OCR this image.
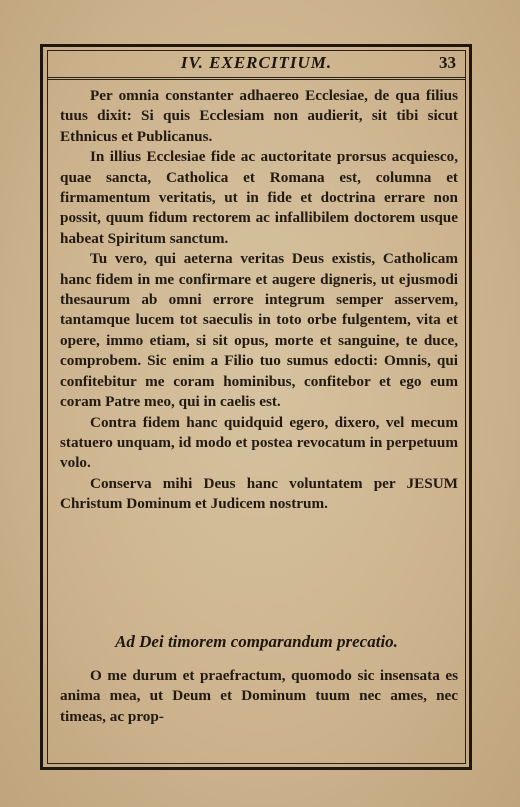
IV. EXERCITIUM.	33

Per omnia constanter adhaereo Ecclesiae, de qua filius tuus dixit: Si quis Ecclesiam non audierit, sit tibi sicut Ethnicus et Publicanus.

In illius Ecclesiae fide ac auctoritate prorsus acquiesco, quae sancta, Catholica et Romana est, columna et firmamentum veritatis, ut in fide et doctrina errare non possit, quum fidum rectorem ac infallibilem doctorem usque habeat Spiritum sanctum.

Tu vero, qui aeterna veritas Deus existis, Catholicam hanc fidem in me confirmare et augere digneris, ut ejusmodi thesaurum ab omni errore integrum semper asservem, tantamque lucem tot saeculis in toto orbe fulgentem, vita et opere, immo etiam, si sit opus, morte et sanguine, te duce, comprobem. Sic enim a Filio tuo sumus edocti: Omnis, qui confitebitur me coram hominibus, confitebor et ego eum coram Patre meo, qui in caelis est.

Contra fidem hanc quidquid egero, dixero, vel mecum statuero unquam, id modo et postea revocatum in perpetuum volo.

Conserva mihi Deus hanc voluntatem per JESUM Christum Dominum et Judicem nostrum.

Ad Dei timorem comparandum precatio.

O me durum et praefractum, quomodo sic insensata es anima mea, ut Deum et Dominum tuum nec ames, nec timeas, ac prop-
